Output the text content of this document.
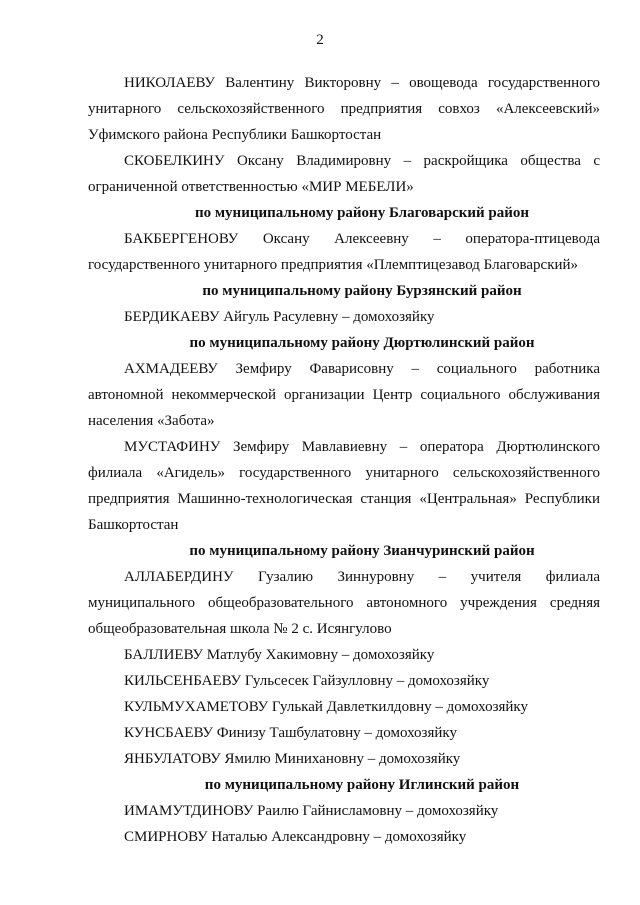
2

НИКОЛАЕВУ Валентину Викторовну – овощевода государственного унитарного сельскохозяйственного предприятия совхоз «Алексеевский» Уфимского района Республики Башкортостан

СКОБЕЛКИНУ Оксану Владимировну – раскройщика общества с ограниченной ответственностью «МИР МЕБЕЛИ»

по муниципальному району Благоварский район

БАКБЕРГЕНОВУ Оксану Алексеевну – оператора-птицевода государственного унитарного предприятия «Племптицезавод Благоварский»

по муниципальному району Бурзянский район

БЕРДИКАЕВУ Айгуль Расулевну – домохозяйку

по муниципальному району Дюртюлинский район

АХМАДЕЕВУ Земфиру Фаварисовну – социального работника автономной некоммерческой организации Центр социального обслуживания населения «Забота»

МУСТАФИНУ Земфиру Мавлавиевну – оператора Дюртюлинского филиала «Агидель» государственного унитарного сельскохозяйственного предприятия Машинно-технологическая станция «Центральная» Республики Башкортостан

по муниципальному району Зианчуринский район

АЛЛАБЕРДИНУ Гузалию Зиннуровну – учителя филиала муниципального общеобразовательного автономного учреждения средняя общеобразовательная школа № 2 с. Исянгулово

БАЛЛИЕВУ Матлубу Хакимовну – домохозяйку

КИЛЬСЕНБАЕВУ Гульсесек Гайзулловну – домохозяйку

КУЛЬМУХАМЕТОВУ Гулькай Давлеткилдовну – домохозяйку

КУНСБАЕВУ Финизу Ташбулатовну – домохозяйку

ЯНБУЛАТОВУ Ямилю Минихановну – домохозяйку

по муниципальному району Иглинский район

ИМАМУТДИНОВУ Раилю Гайнисламовну – домохозяйку

СМИРНОВУ Наталью Александровну – домохозяйку
